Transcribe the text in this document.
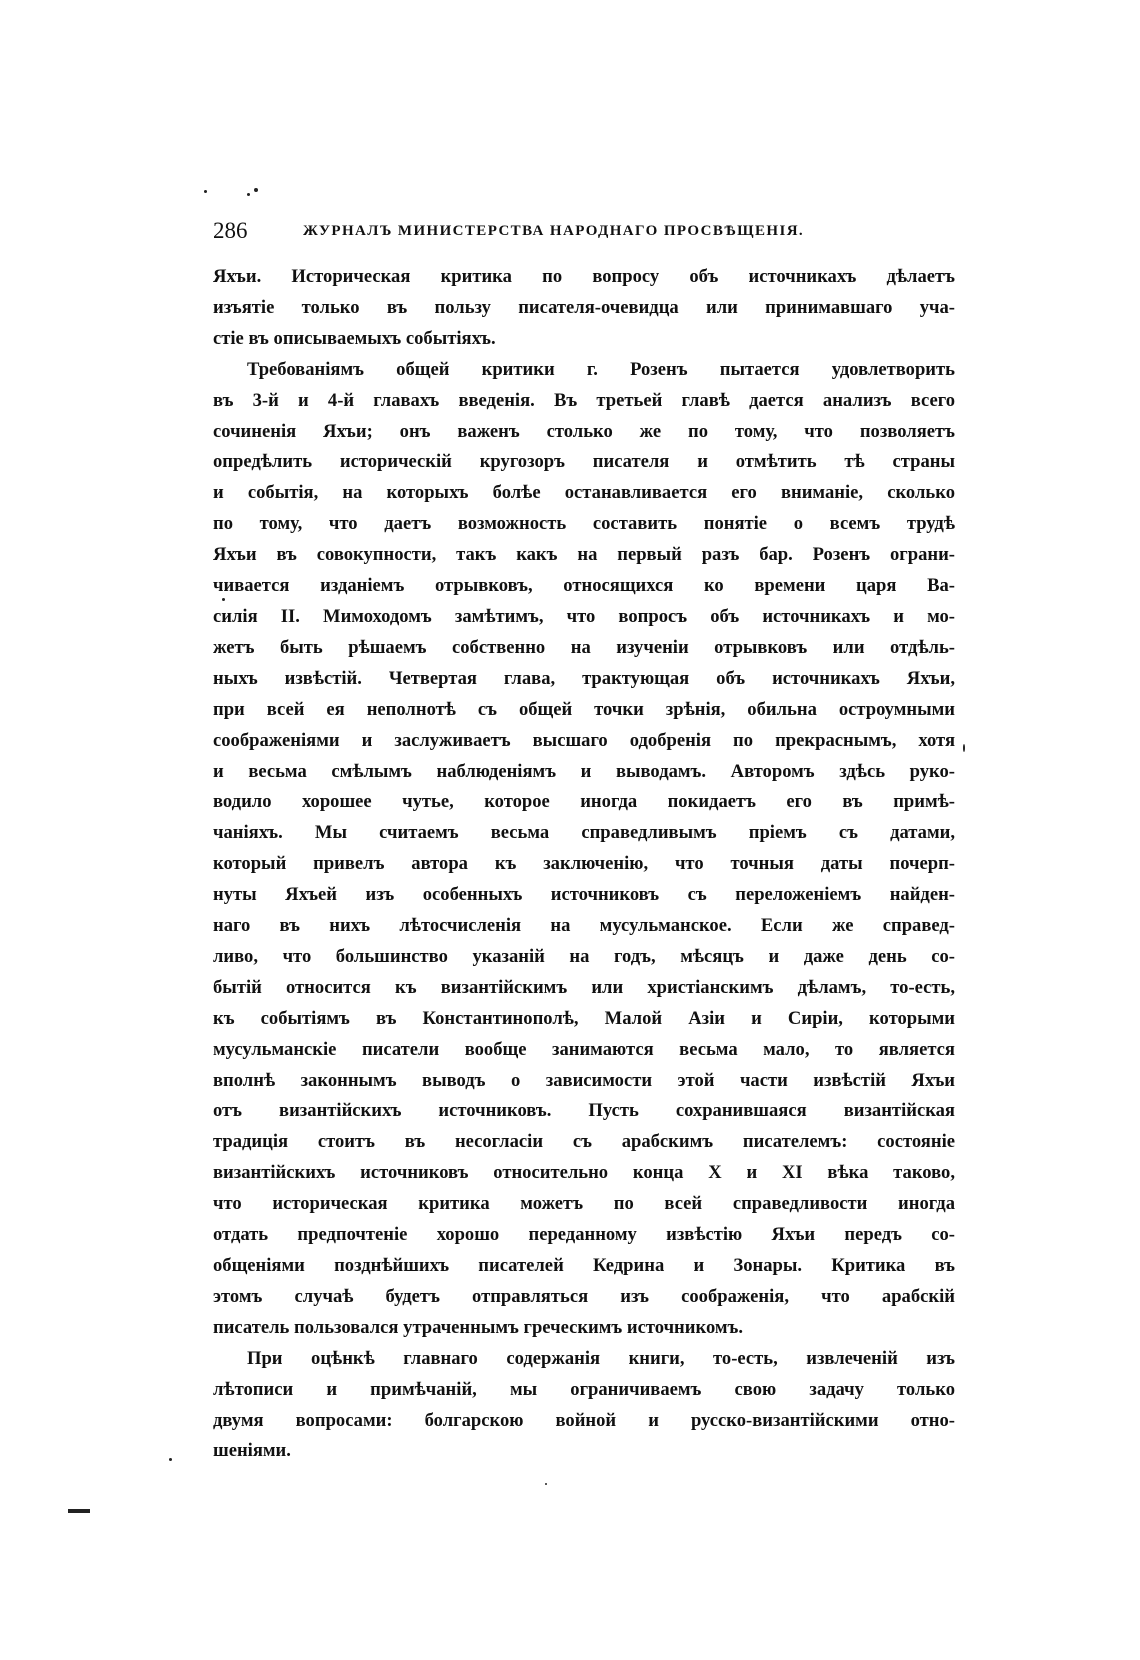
286	ЖУРНАЛЪ МИНИСТЕРСТВА НАРОДНАГО ПРОСВѢЩЕНІЯ.

Яхъи. Историческая критика по вопросу объ источникахъ дѣлаетъ
изъятіе только въ пользу писателя-очевидца или принимавшаго уча-
стіе въ описываемыхъ событіяхъ.

Требованіямъ общей критики г. Розенъ пытается удовлетворить
въ 3-й и 4-й главахъ введенія. Въ третьей главѣ дается анализъ всего
сочиненія Яхъи; онъ важенъ столько же по тому, что позволяетъ
опредѣлить историческій кругозоръ писателя и отмѣтить тѣ страны
и событія, на которыхъ болѣе останавливается его вниманіе, сколько
по тому, что даетъ возможность составить понятіе о всемъ трудѣ
Яхъи въ совокупности, такъ какъ на первый разъ бар. Розенъ ограни-
чивается изданіемъ отрывковъ, относящихся ко времени царя Ва-
силія II. Мимоходомъ замѣтимъ, что вопросъ объ источникахъ и мо-
жетъ быть рѣшаемъ собственно на изученіи отрывковъ или отдѣль-
ныхъ извѣстій. Четвертая глава, трактующая объ источникахъ Яхъи,
при всей ея неполнотѣ съ общей точки зрѣнія, обильна остроумными
соображеніями и заслуживаетъ высшаго одобренія по прекраснымъ, хотя
и весьма смѣлымъ наблюденіямъ и выводамъ. Авторомъ здѣсь руко-
водило хорошее чутье, которое иногда покидаетъ его въ примѣ-
чаніяхъ. Мы считаемъ весьма справедливымъ пріемъ съ датами,
который привелъ автора къ заключенію, что точныя даты почерп-
нуты Яхъей изъ особенныхъ источниковъ съ переложеніемъ найден-
наго въ нихъ лѣтосчисленія на мусульманское. Если же справед-
ливо, что большинство указаній на годъ, мѣсяцъ и даже день со-
бытій относится къ византійскимъ или христіанскимъ дѣламъ, то-есть,
къ событіямъ въ Константинополѣ, Малой Азіи и Сиріи, которыми
мусульманскіе писатели вообще занимаются весьма мало, то является
вполнѣ законнымъ выводъ о зависимости этой части извѣстій Яхъи
отъ византійскихъ источниковъ. Пусть сохранившаяся византійская
традиція стоитъ въ несогласіи съ арабскимъ писателемъ: состояніе
византійскихъ источниковъ относительно конца X и XI вѣка таково,
что историческая критика можетъ по всей справедливости иногда
отдать предпочтеніе хорошо переданному извѣстію Яхъи передъ со-
общеніями позднѣйшихъ писателей Кедрина и Зонары. Критика въ
этомъ случаѣ будетъ отправляться изъ соображенія, что арабскій
писатель пользовался утраченнымъ греческимъ источникомъ.

При оцѣнкѣ главнаго содержанія книги, то-есть, извлеченій изъ
лѣтописи и примѣчаній, мы ограничиваемъ свою задачу только
двумя вопросами: болгарскою войной и русско-византійскими отно-
шеніями.
